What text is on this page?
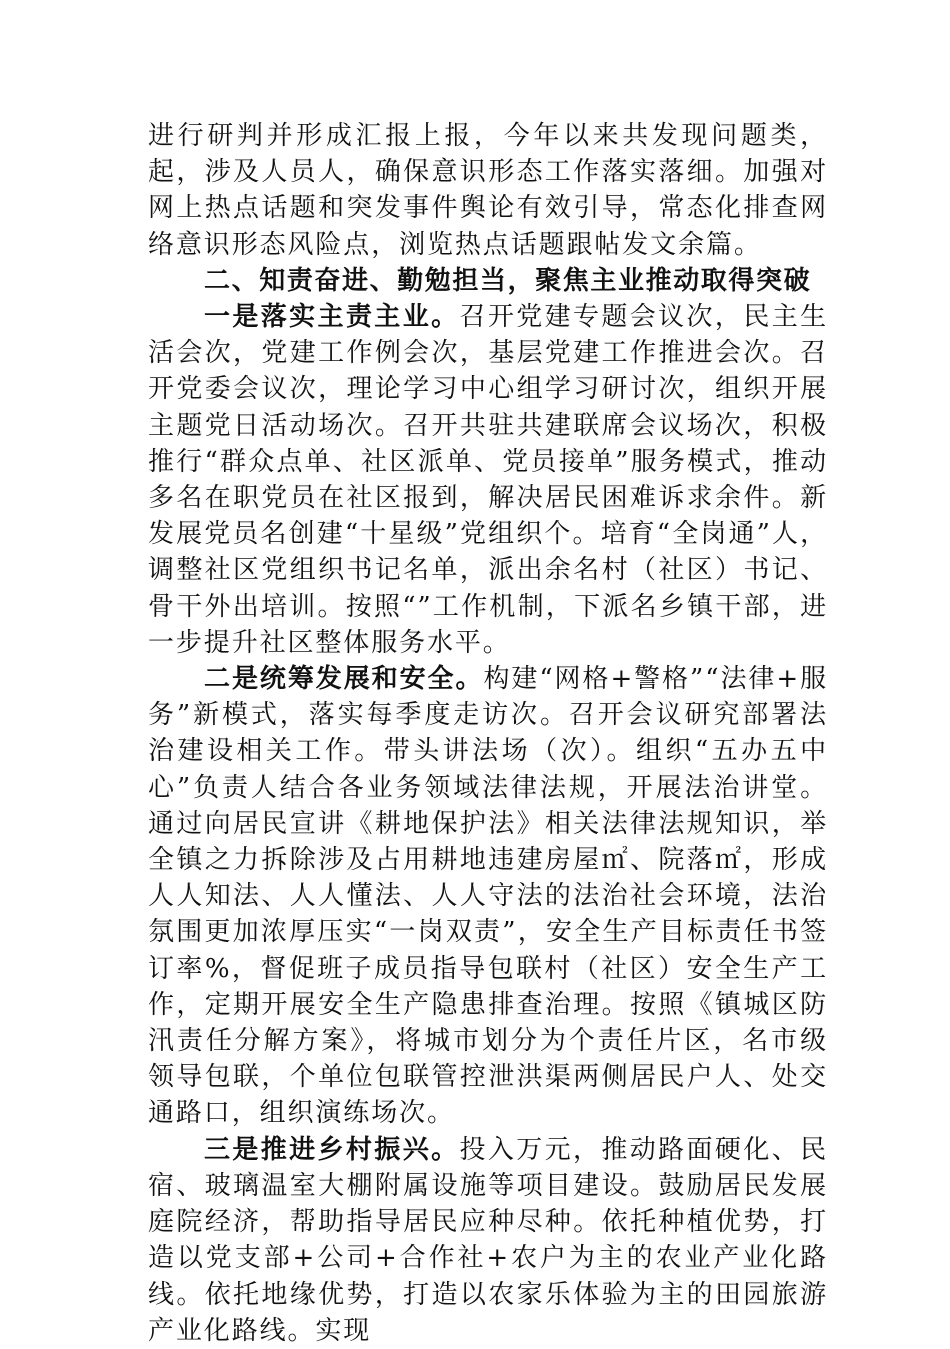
进行研判并形成汇报上报，今年以来共发现问题类，起，涉及人员人，确保意识形态工作落实落细。加强对网上热点话题和突发事件舆论有效引导，常态化排查网络意识形态风险点，浏览热点话题跟帖发文余篇。

二、知责奋进、勤勉担当，聚焦主业推动取得突破

一是落实主责主业。召开党建专题会议次，民主生活会次，党建工作例会次，基层党建工作推进会次。召开党委会议次，理论学习中心组学习研讨次，组织开展主题党日活动场次。召开共驻共建联席会议场次，积极推行“群众点单、社区派单、党员接单”服务模式，推动多名在职党员在社区报到，解决居民困难诉求余件。新发展党员名创建“十星级”党组织个。培育“全岗通”人，调整社区党组织书记名单，派出余名村（社区）书记、骨干外出培训。按照“”工作机制，下派名乡镇干部，进一步提升社区整体服务水平。

二是统筹发展和安全。构建“网格+警格”“法律+服务”新模式，落实每季度走访次。召开会议研究部署法治建设相关工作。带头讲法场（次）。组织“五办五中心”负责人结合各业务领域法律法规，开展法治讲堂。通过向居民宣讲《耕地保护法》相关法律法规知识，举全镇之力拆除涉及占用耕地违建房屋㎡、院落㎡，形成人人知法、人人懂法、人人守法的法治社会环境，法治氛围更加浓厚压实“一岗双责”，安全生产目标责任书签订率%，督促班子成员指导包联村（社区）安全生产工作，定期开展安全生产隐患排查治理。按照《镇城区防汛责任分解方案》，将城市划分为个责任片区，名市级领导包联，个单位包联管控泄洪渠两侧居民户人、处交通路口，组织演练场次。

三是推进乡村振兴。投入万元，推动路面硬化、民宿、玻璃温室大棚附属设施等项目建设。鼓励居民发展庭院经济，帮助指导居民应种尽种。依托种植优势，打造以党支部+公司+合作社+农户为主的农业产业化路线。依托地缘优势，打造以农家乐体验为主的田园旅游产业化路线。实现
